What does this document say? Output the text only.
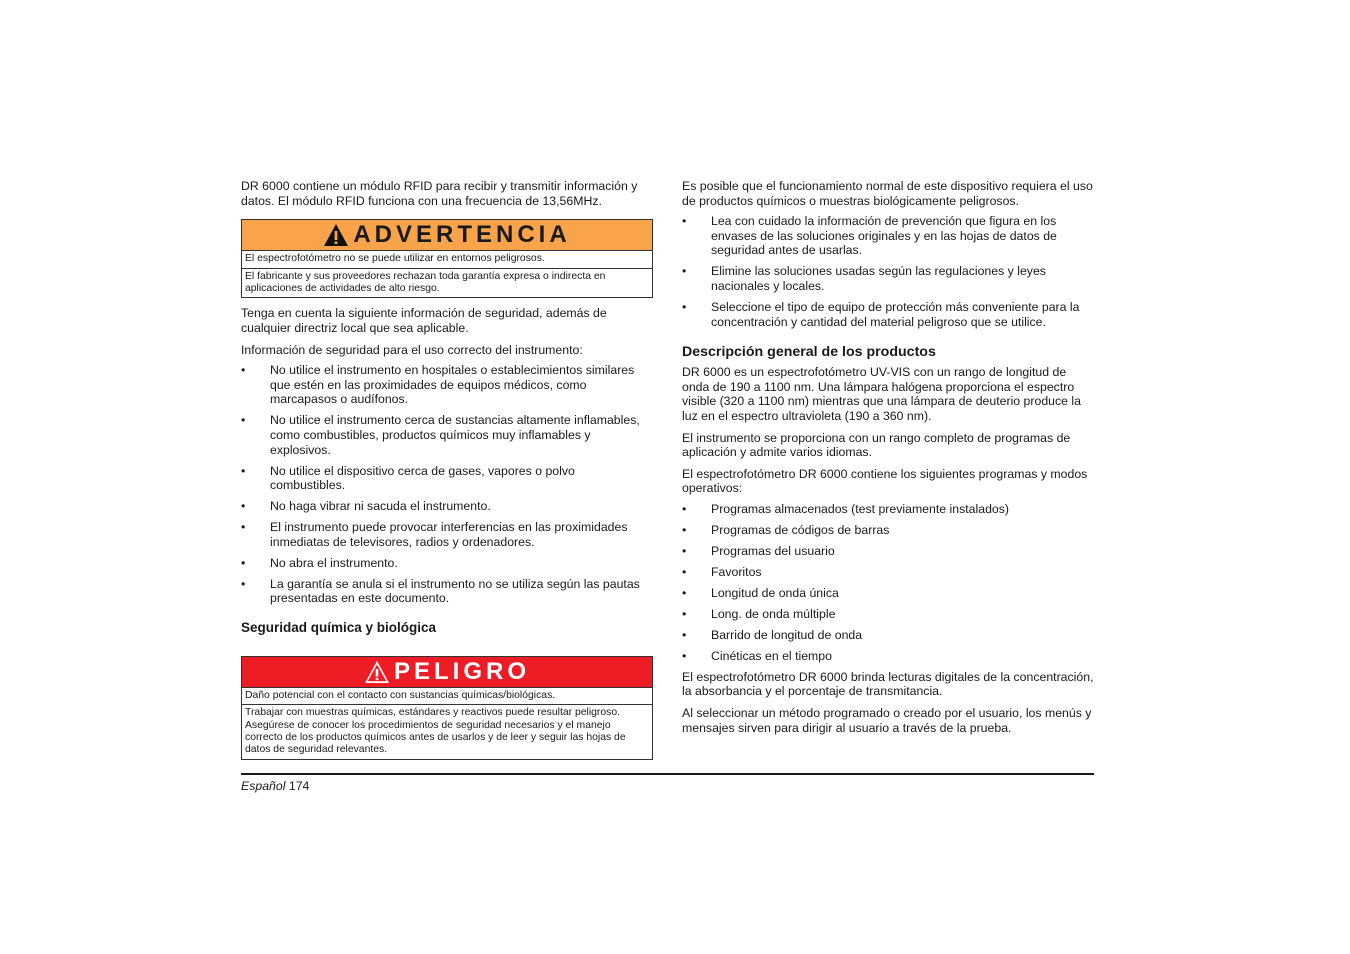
DR 6000 contiene un módulo RFID para recibir y transmitir información y datos. El módulo RFID funciona con una frecuencia de 13,56MHz.

ADVERTENCIA
El espectrofotómetro no se puede utilizar en entornos peligrosos.
El fabricante y sus proveedores rechazan toda garantía expresa o indirecta en aplicaciones de actividades de alto riesgo.

Tenga en cuenta la siguiente información de seguridad, además de cualquier directriz local que sea aplicable.

Información de seguridad para el uso correcto del instrumento:

• No utilice el instrumento en hospitales o establecimientos similares que estén en las proximidades de equipos médicos, como marcapasos o audífonos.
• No utilice el instrumento cerca de sustancias altamente inflamables, como combustibles, productos químicos muy inflamables y explosivos.
• No utilice el dispositivo cerca de gases, vapores o polvo combustibles.
• No haga vibrar ni sacuda el instrumento.
• El instrumento puede provocar interferencias en las proximidades inmediatas de televisores, radios y ordenadores.
• No abra el instrumento.
• La garantía se anula si el instrumento no se utiliza según las pautas presentadas en este documento.
Seguridad química y biológica
PELIGRO
Daño potencial con el contacto con sustancias químicas/biológicas.
Trabajar con muestras químicas, estándares y reactivos puede resultar peligroso. Asegúrese de conocer los procedimientos de seguridad necesarios y el manejo correcto de los productos químicos antes de usarlos y de leer y seguir las hojas de datos de seguridad relevantes.

Es posible que el funcionamiento normal de este dispositivo requiera el uso de productos químicos o muestras biológicamente peligrosos.

• Lea con cuidado la información de prevención que figura en los envases de las soluciones originales y en las hojas de datos de seguridad antes de usarlas.
• Elimine las soluciones usadas según las regulaciones y leyes nacionales y locales.
• Seleccione el tipo de equipo de protección más conveniente para la concentración y cantidad del material peligroso que se utilice.
Descripción general de los productos

DR 6000 es un espectrofotómetro UV-VIS con un rango de longitud de onda de 190 a 1100 nm. Una lámpara halógena proporciona el espectro visible (320 a 1100 nm) mientras que una lámpara de deuterio produce la luz en el espectro ultravioleta (190 a 360 nm).

El instrumento se proporciona con un rango completo de programas de aplicación y admite varios idiomas.

El espectrofotómetro DR 6000 contiene los siguientes programas y modos operativos:

• Programas almacenados (test previamente instalados)
• Programas de códigos de barras
• Programas del usuario
• Favoritos
• Longitud de onda única
• Long. de onda múltiple
• Barrido de longitud de onda
• Cinéticas en el tiempo

El espectrofotómetro DR 6000 brinda lecturas digitales de la concentración, la absorbancia y el porcentaje de transmitancia.

Al seleccionar un método programado o creado por el usuario, los menús y mensajes sirven para dirigir al usuario a través de la prueba.

Español 174
